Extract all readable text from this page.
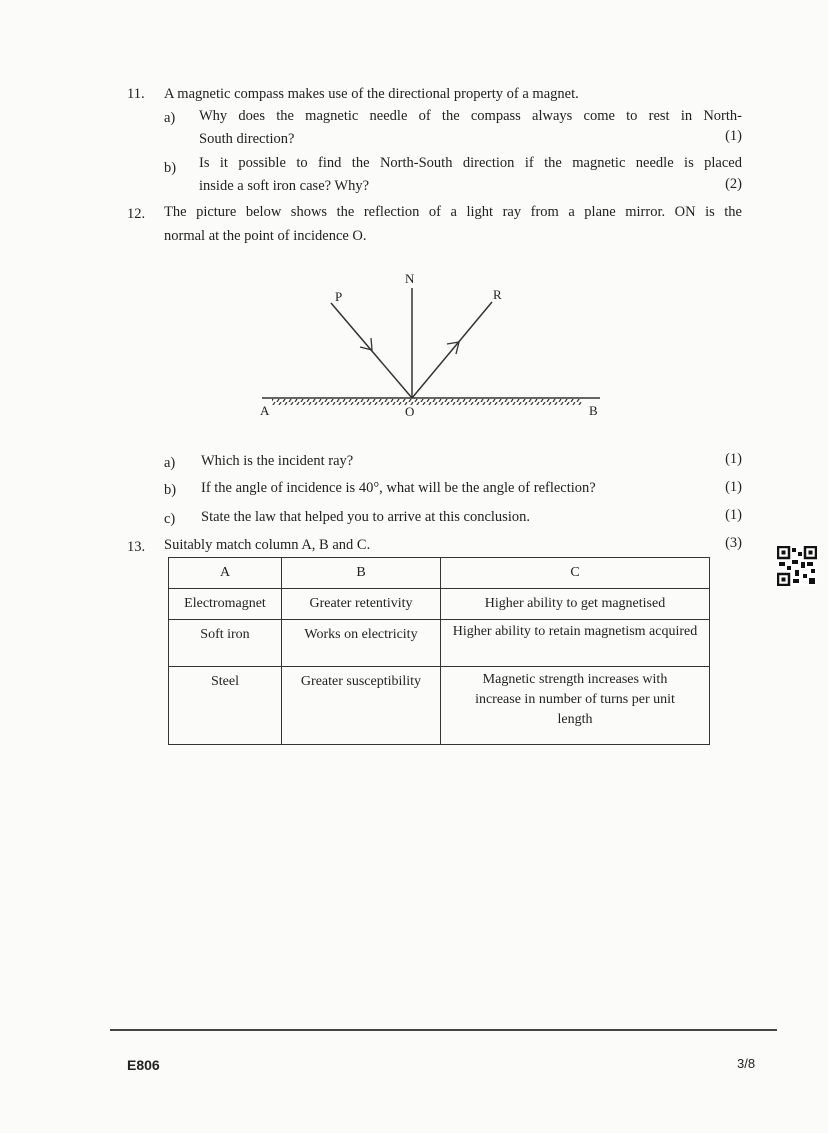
11.	A magnetic compass makes use of the directional property of a magnet.
a) Why does the magnetic needle of the compass always come to rest in North-
South direction?	(1)
b) Is it possible to find the North-South direction if the magnetic needle is placed
inside a soft iron case? Why?	(2)
12.	The picture below shows the reflection of a light ray from a plane mirror. ON is the
normal at the point of incidence O.
N
P	R
A	O	B
a) Which is the incident ray?	(1)
b) If the angle of incidence is 40°, what will be the angle of reflection?	(1)
c) State the law that helped you to arrive at this conclusion.	(1)
13.	Suitably match column A, B and C.	(3)
A	B	C
Electromagnet	Greater retentivity	Higher ability to get magnetised
Soft iron	Works on electricity	Higher ability to retain magnetism acquired
Steel	Greater susceptibility	Magnetic strength increases with increase in number of turns per unit length
E806	3/8
